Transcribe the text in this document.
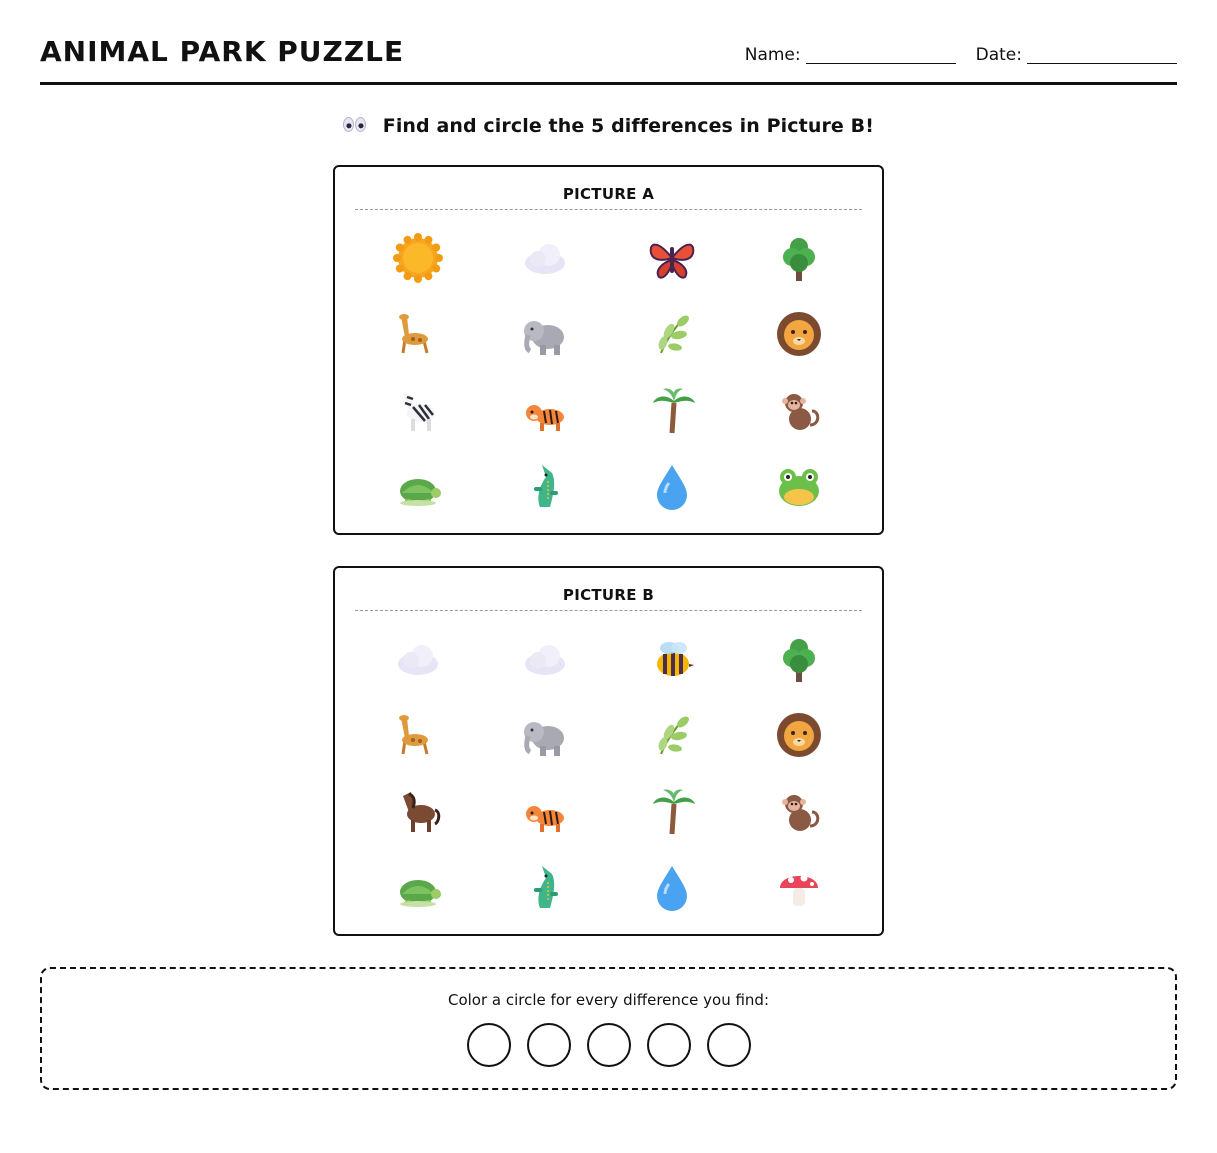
ANIMAL PARK PUZZLE	Name:	Date:
Find and circle the 5 differences in Picture B!
PICTURE A
PICTURE B
Color a circle for every difference you find:
